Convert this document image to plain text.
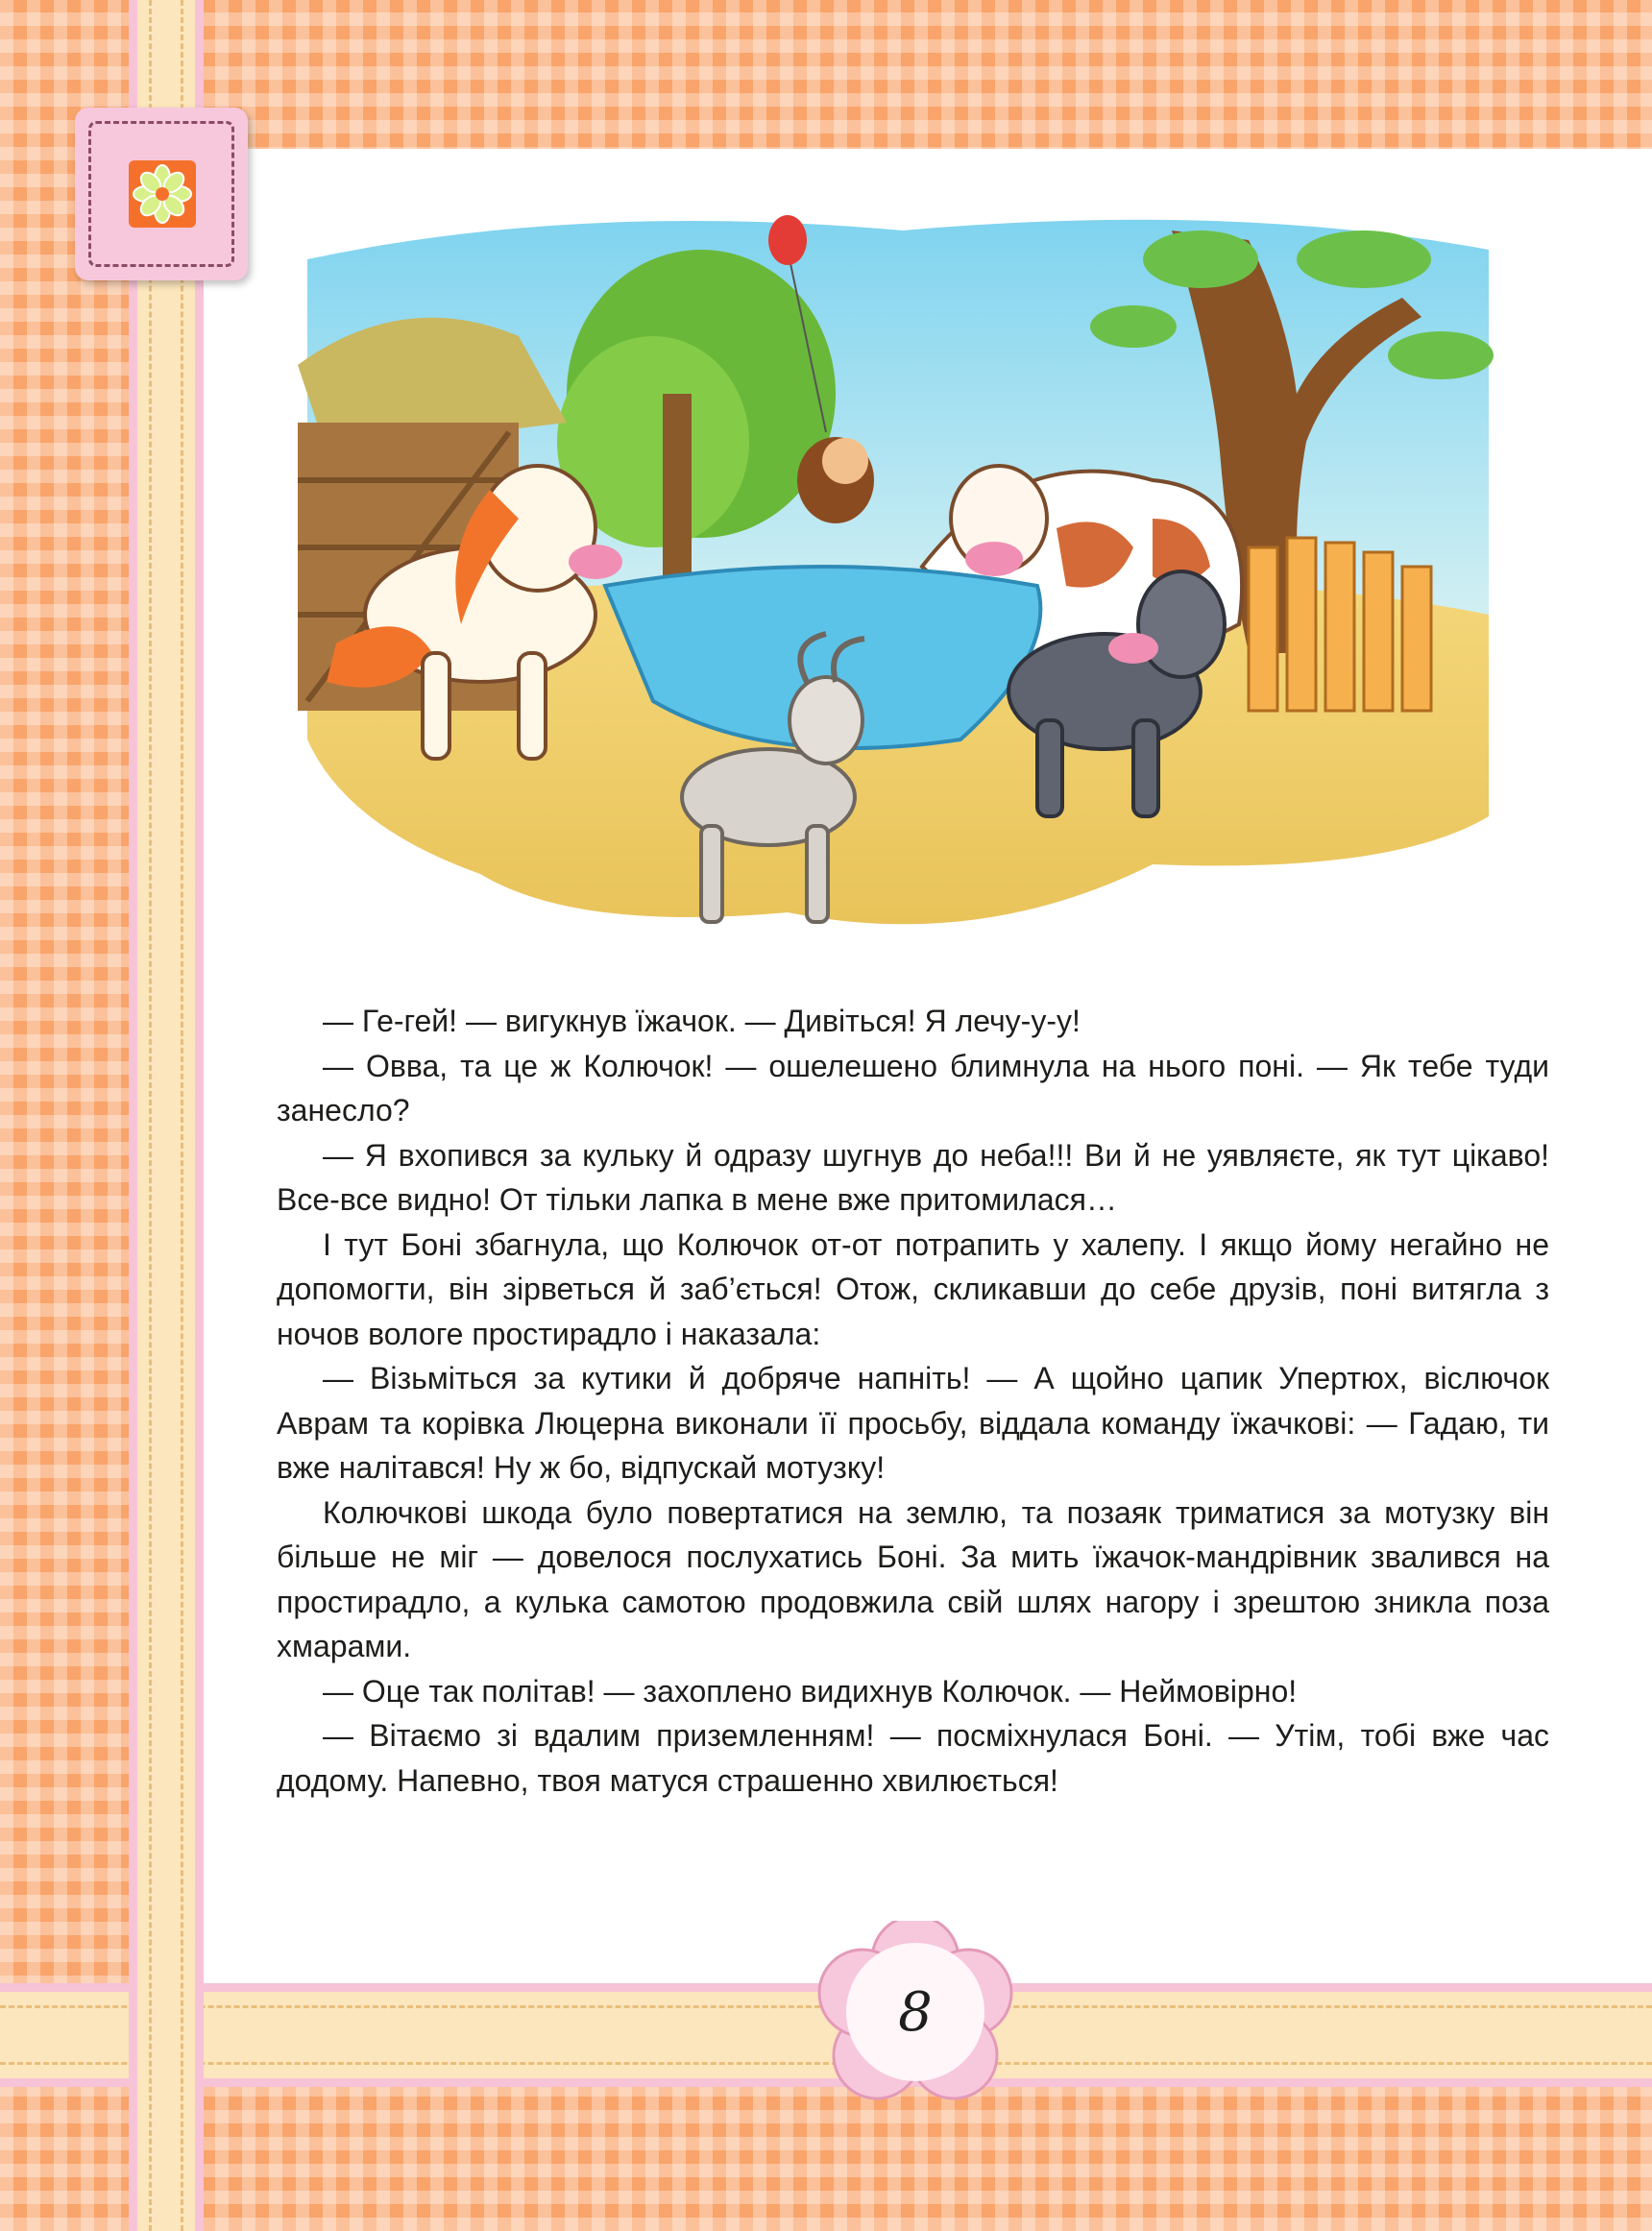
— Ге-гей! — вигукнув їжачок. — Дивіться! Я лечу-у-у!

— Овва, та це ж Колючок! — ошелешено блимнула на нього поні. — Як тебе туди занесло?

— Я вхопився за кульку й одразу шугнув до неба!!! Ви й не уявляєте, як тут цікаво! Все-все видно! От тільки лапка в мене вже притомилася…

І тут Боні збагнула, що Колючок от-от потрапить у халепу. І якщо йому негайно не допомогти, він зірветься й заб’ється! Отож, скликавши до себе друзів, поні витягла з ночов вологе простирадло і наказала:

— Візьміться за кутики й добряче напніть! — А щойно цапик Упертюх, віслючок Аврам та корівка Люцерна виконали її просьбу, віддала команду їжачкові: — Гадаю, ти вже налітався! Ну ж бо, відпускай мотузку!

Колючкові шкода було повертатися на землю, та позаяк триматися за мотузку він більше не міг — довелося послухатись Боні. За мить їжачок-мандрівник звалився на простирадло, а кулька самотою продовжила свій шлях нагору і зрештою зникла поза хмарами.

— Оце так політав! — захоплено видихнув Колючок. — Неймовірно!

— Вітаємо зі вдалим приземленням! — посміхнулася Боні. — Утім, тобі вже час додому. Напевно, твоя матуся страшенно хвилюється!

8
